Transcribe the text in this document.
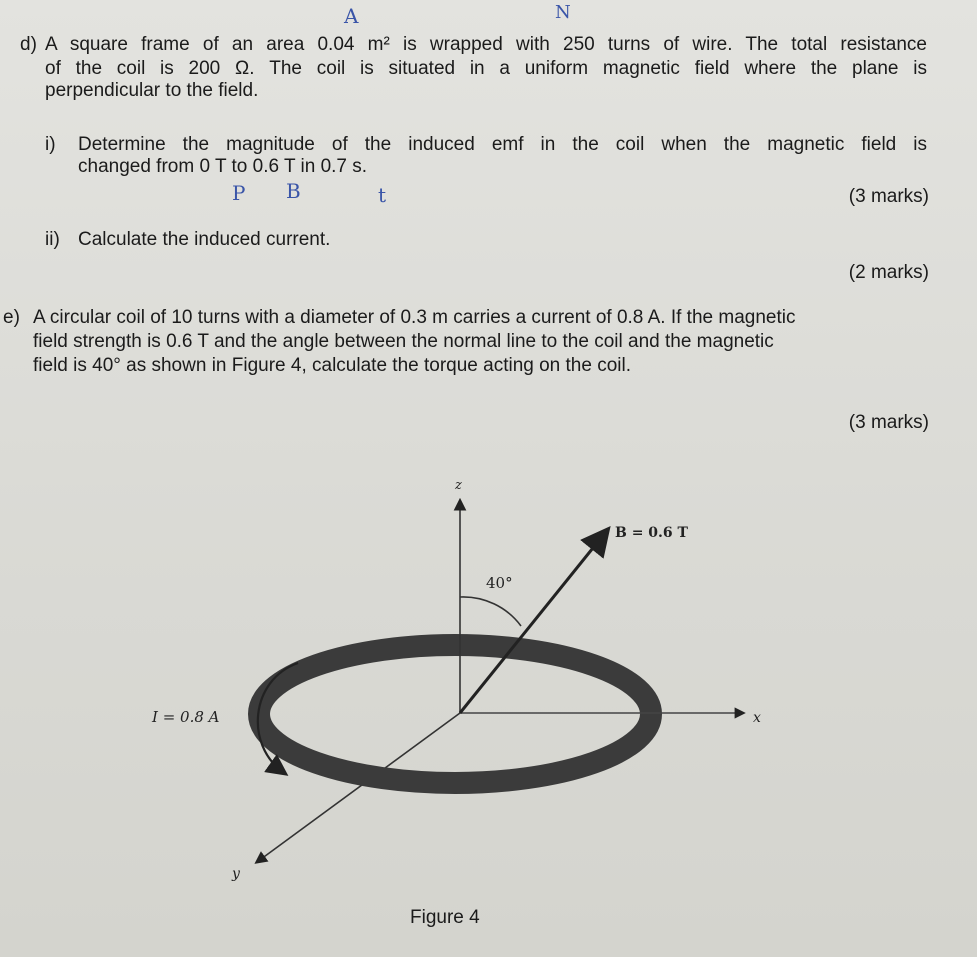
d) A square frame of an area 0.04 m² is wrapped with 250 turns of wire. The total resistance
of the coil is 200 Ω. The coil is situated in a uniform magnetic field where the plane is
perpendicular to the field.
A	N
i) Determine the magnitude of the induced emf in the coil when the magnetic field is
changed from 0 T to 0.6 T in 0.7 s.
P B	t	(3 marks)
ii) Calculate the induced current.
(2 marks)
e) A circular coil of 10 turns with a diameter of 0.3 m carries a current of 0.8 A. If the magnetic
field strength is 0.6 T and the angle between the normal line to the coil and the magnetic
field is 40° as shown in Figure 4, calculate the torque acting on the coil.
(3 marks)
z
x
y
B = 0.6 T
40°
I = 0.8 A
Figure 4
